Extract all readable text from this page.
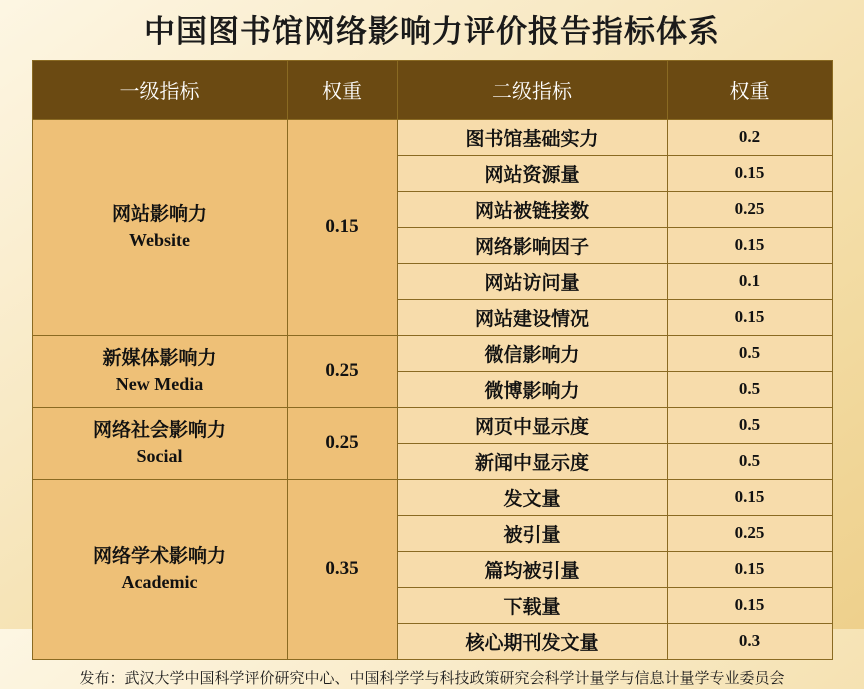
中国图书馆网络影响力评价报告指标体系
一级指标	权重	二级指标	权重
网站影响力
Website	0.15	图书馆基础实力	0.2
		网站资源量	0.15
		网站被链接数	0.25
		网络影响因子	0.15
		网站访问量	0.1
		网站建设情况	0.15
新媒体影响力
New Media	0.25	微信影响力	0.5
		微博影响力	0.5
网络社会影响力
Social	0.25	网页中显示度	0.5
		新闻中显示度	0.5
网络学术影响力
Academic	0.35	发文量	0.15
		被引量	0.25
		篇均被引量	0.15
		下载量	0.15
		核心期刊发文量	0.3
发布：武汉大学中国科学评价研究中心、中国科学学与科技政策研究会科学计量学与信息计量学专业委员会
